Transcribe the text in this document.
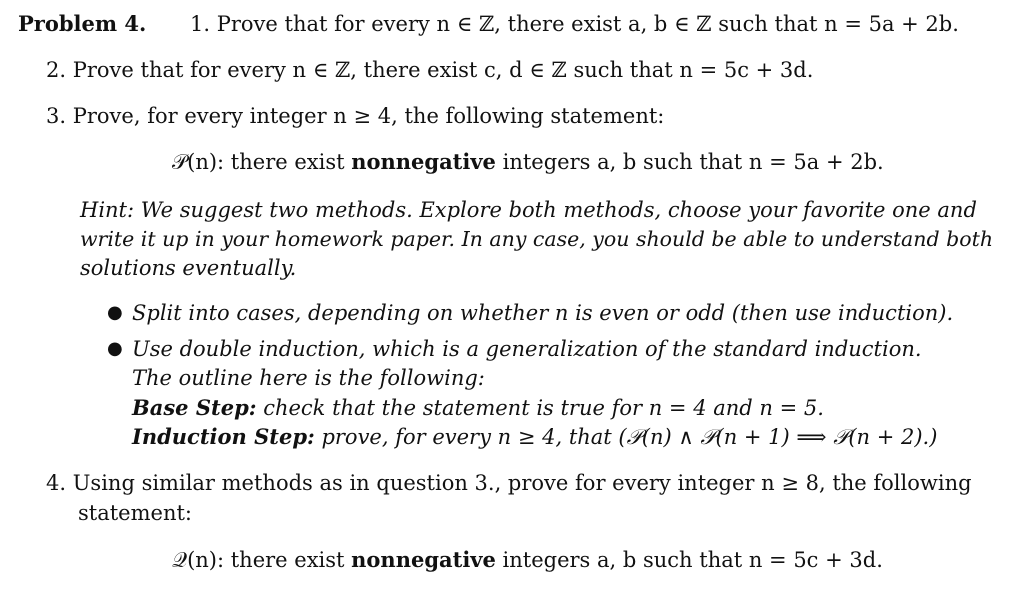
Problem 4. 1. Prove that for every n ∈ ℤ, there exist a, b ∈ ℤ such that n = 5a + 2b.
2. Prove that for every n ∈ ℤ, there exist c, d ∈ ℤ such that n = 5c + 3d.
3. Prove, for every integer n ≥ 4, the following statement:
𝒫(n): there exist nonnegative integers a, b such that n = 5a + 2b.
Hint: We suggest two methods. Explore both methods, choose your favorite one and
write it up in your homework paper. In any case, you should be able to understand both
solutions eventually.
● Split into cases, depending on whether n is even or odd (then use induction).
● Use double induction, which is a generalization of the standard induction.
The outline here is the following:
Base Step: check that the statement is true for n = 4 and n = 5.
Induction Step: prove, for every n ≥ 4, that (𝒫(n) ∧ 𝒫(n + 1) ⟹ 𝒫(n + 2).)
4. Using similar methods as in question 3., prove for every integer n ≥ 8, the following
statement:
𝒬(n): there exist nonnegative integers a, b such that n = 5c + 3d.
